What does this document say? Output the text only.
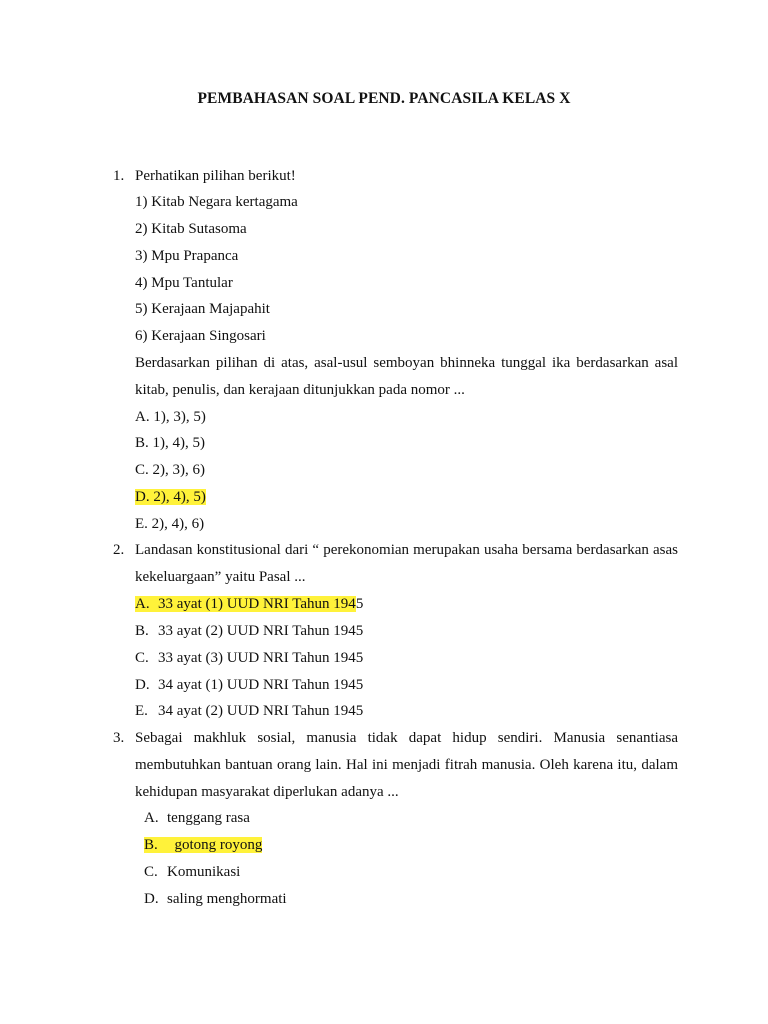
PEMBAHASAN SOAL PEND. PANCASILA KELAS X
1. Perhatikan pilihan berikut!
1) Kitab Negara kertagama
2) Kitab Sutasoma
3) Mpu Prapanca
4) Mpu Tantular
5) Kerajaan Majapahit
6) Kerajaan Singosari
Berdasarkan pilihan di atas, asal-usul semboyan bhinneka tunggal ika berdasarkan asal
kitab, penulis, dan kerajaan ditunjukkan pada nomor ...
A. 1), 3), 5)
B. 1), 4), 5)
C. 2), 3), 6)
D. 2), 4), 5)
E. 2), 4), 6)
2. Landasan konstitusional dari “ perekonomian merupakan usaha bersama berdasarkan asas
kekeluargaan” yaitu Pasal ...
A. 33 ayat (1) UUD NRI Tahun 1945
B. 33 ayat (2) UUD NRI Tahun 1945
C. 33 ayat (3) UUD NRI Tahun 1945
D. 34 ayat (1) UUD NRI Tahun 1945
E. 34 ayat (2) UUD NRI Tahun 1945
3. Sebagai makhluk sosial, manusia tidak dapat hidup sendiri. Manusia senantiasa
membutuhkan bantuan orang lain. Hal ini menjadi fitrah manusia. Oleh karena itu, dalam
kehidupan masyarakat diperlukan adanya ...
A. tenggang rasa
B.  gotong royong
C. Komunikasi
D. saling menghormati
